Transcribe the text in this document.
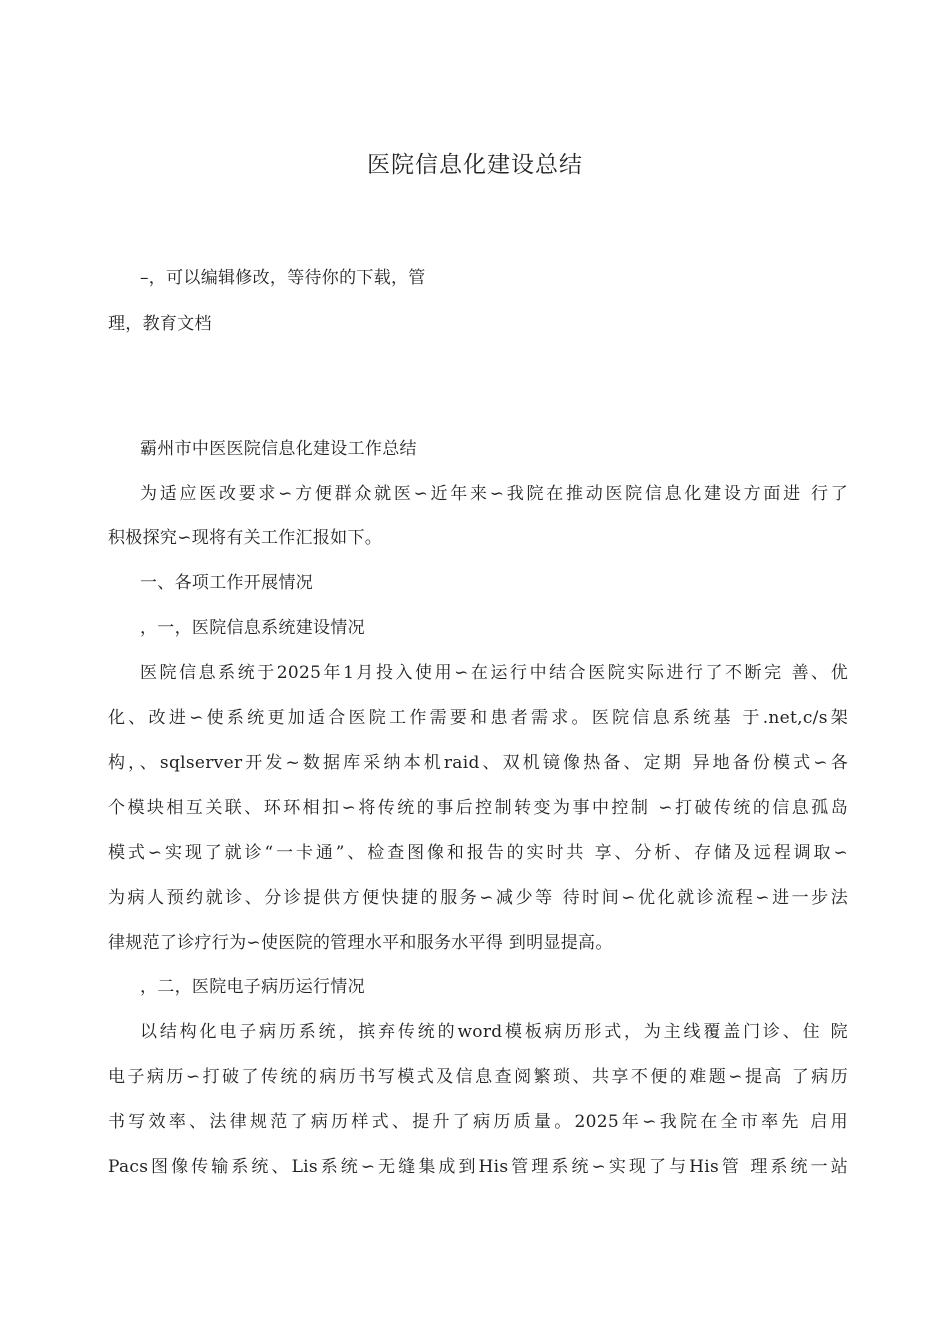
医院信息化建设总结
–，可以编辑修改，等待你的下载，管
理，教育文档
霸州市中医医院信息化建设工作总结
为适应医改要求∽方便群众就医∽近年来∽我院在推动医院信息化建设方面进 行了
积极探究∽现将有关工作汇报如下。
一、各项工作开展情况
，一，医院信息系统建设情况
医院信息系统于2025年1月投入使用∽在运行中结合医院实际进行了不断完 善、优
化、改进∽使系统更加适合医院工作需要和患者需求。医院信息系统基 于.net,c/s架
构，、sqlserver开发~数据库采纳本机raid、双机镜像热备、定期 异地备份模式∽各
个模块相互关联、环环相扣∽将传统的事后控制转变为事中控制 ∽打破传统的信息孤岛
模式∽实现了就诊“一卡通”、检查图像和报告的实时共 享、分析、存储及远程调取∽
为病人预约就诊、分诊提供方便快捷的服务∽减少等 待时间∽优化就诊流程∽进一步法
律规范了诊疗行为∽使医院的管理水平和服务水平得 到明显提高。
，二，医院电子病历运行情况
以结构化电子病历系统，摈弃传统的word模板病历形式，为主线覆盖门诊、住 院
电子病历∽打破了传统的病历书写模式及信息查阅繁琐、共享不便的难题∽提高 了病历
书写效率、法律规范了病历样式、提升了病历质量。2025年∽我院在全市率先 启用
Pacs图像传输系统、Lis系统∽无缝集成到His管理系统∽实现了与His管 理系统一站
